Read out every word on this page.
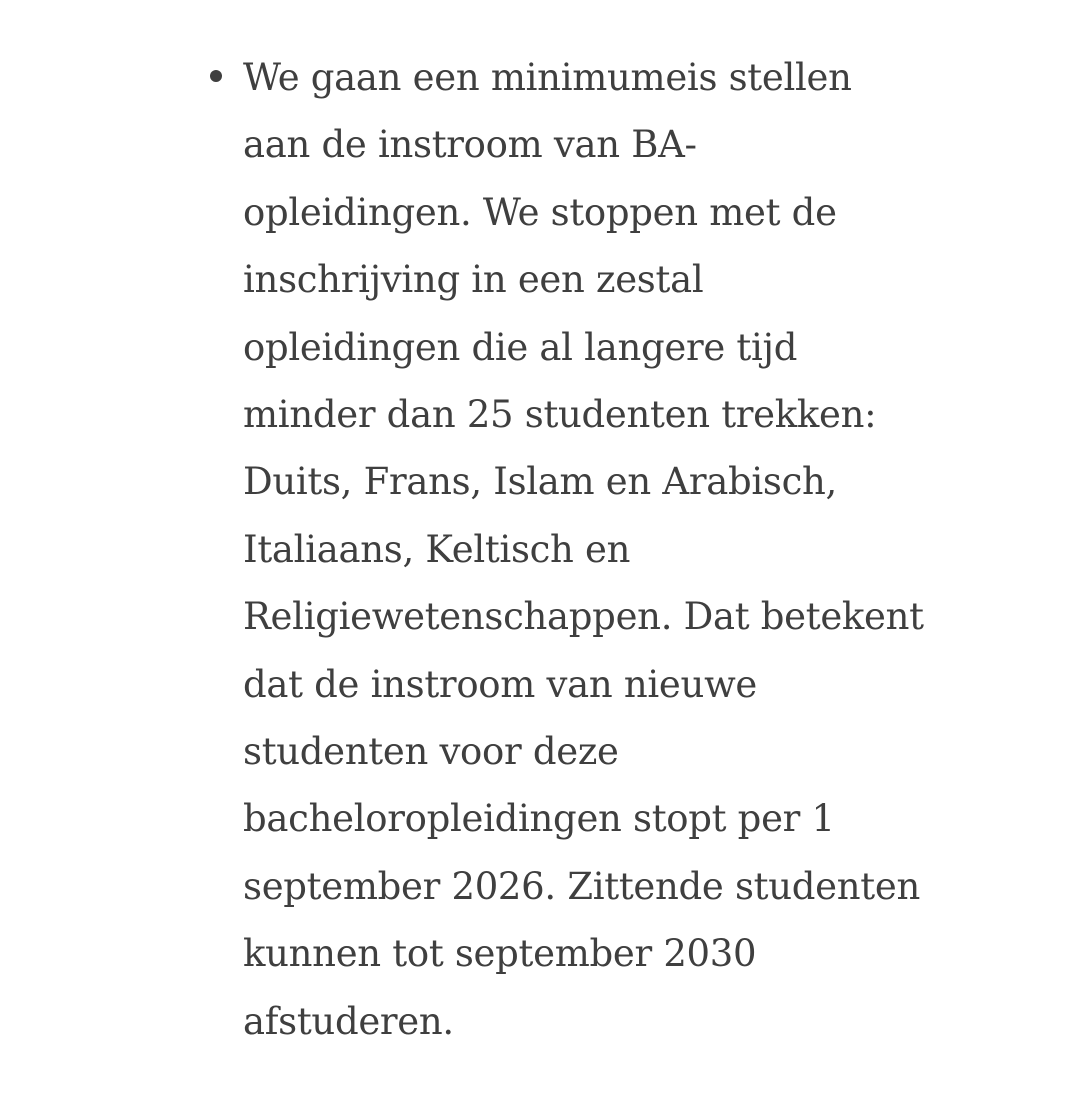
We gaan een minimumeis stellen
aan de instroom van BA-
opleidingen. We stoppen met de
inschrijving in een zestal
opleidingen die al langere tijd
minder dan 25 studenten trekken:
Duits, Frans, Islam en Arabisch,
Italiaans, Keltisch en
Religiewetenschappen. Dat betekent
dat de instroom van nieuwe
studenten voor deze
bacheloropleidingen stopt per 1
september 2026. Zittende studenten
kunnen tot september 2030
afstuderen.
